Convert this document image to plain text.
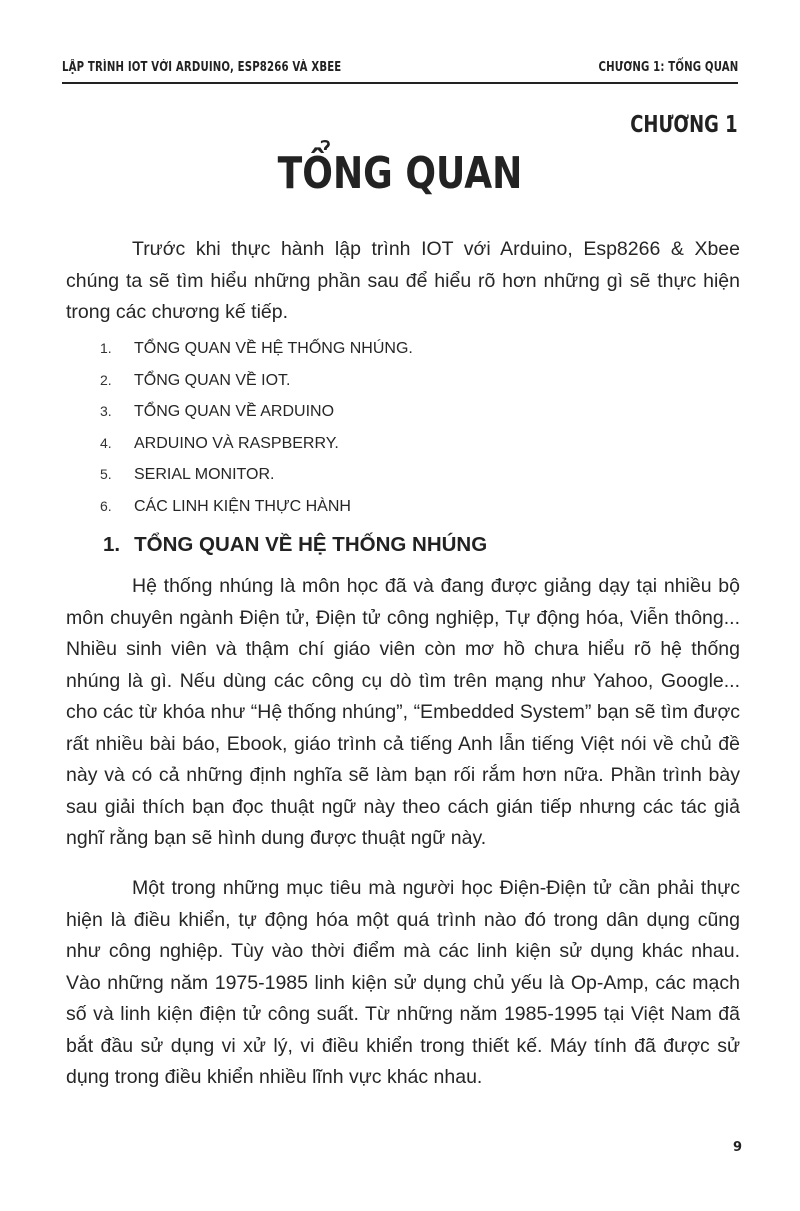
LẬP TRÌNH IOT VỚI ARDUINO, ESP8266 VÀ XBEE	CHƯƠNG 1: TỔNG QUAN
CHƯƠNG 1
TỔNG QUAN

Trước khi thực hành lập trình IOT với Arduino, Esp8266 & Xbee chúng ta sẽ tìm hiểu những phần sau để hiểu rõ hơn những gì sẽ thực hiện trong các chương kế tiếp.

1. TỔNG QUAN VỀ HỆ THỐNG NHÚNG.
2. TỔNG QUAN VỀ IOT.
3. TỔNG QUAN VỀ ARDUINO
4. ARDUINO VÀ RASPBERRY.
5. SERIAL MONITOR.
6. CÁC LINH KIỆN THỰC HÀNH
1. TỔNG QUAN VỀ HỆ THỐNG NHÚNG

Hệ thống nhúng là môn học đã và đang được giảng dạy tại nhiều bộ môn chuyên ngành Điện tử, Điện tử công nghiệp, Tự động hóa, Viễn thông... Nhiều sinh viên và thậm chí giáo viên còn mơ hồ chưa hiểu rõ hệ thống nhúng là gì. Nếu dùng các công cụ dò tìm trên mạng như Yahoo, Google... cho các từ khóa như “Hệ thống nhúng”, “Embedded System” bạn sẽ tìm được rất nhiều bài báo, Ebook, giáo trình cả tiếng Anh lẫn tiếng Việt nói về chủ đề này và có cả những định nghĩa sẽ làm bạn rối rắm hơn nữa. Phần trình bày sau giải thích bạn đọc thuật ngữ này theo cách gián tiếp nhưng các tác giả nghĩ rằng bạn sẽ hình dung được thuật ngữ này.

Một trong những mục tiêu mà người học Điện-Điện tử cần phải thực hiện là điều khiển, tự động hóa một quá trình nào đó trong dân dụng cũng như công nghiệp. Tùy vào thời điểm mà các linh kiện sử dụng khác nhau. Vào những năm 1975-1985 linh kiện sử dụng chủ yếu là Op-Amp, các mạch số và linh kiện điện tử công suất. Từ những năm 1985-1995 tại Việt Nam đã bắt đầu sử dụng vi xử lý, vi điều khiển trong thiết kế. Máy tính đã được sử dụng trong điều khiển nhiều lĩnh vực khác nhau.

9
